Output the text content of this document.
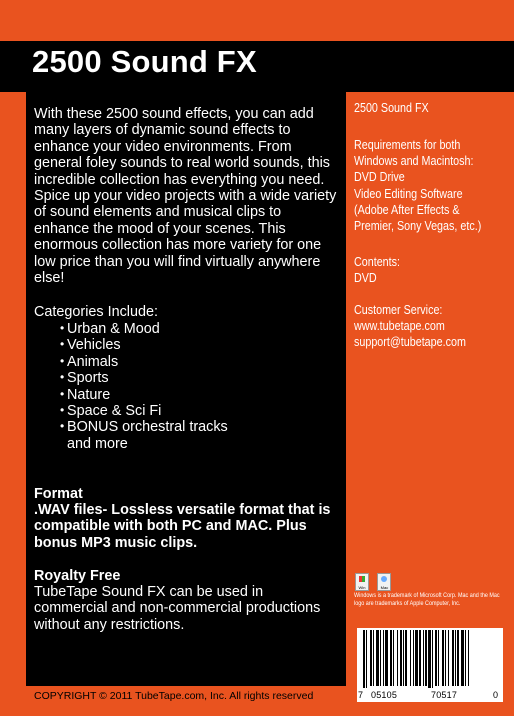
2500 Sound FX
With these 2500 sound effects, you can add many layers of dynamic sound effects to enhance your video environments. From general foley sounds to real world sounds, this incredible collection has everything you need. Spice up your video projects with a wide variety of sound elements and musical clips to enhance the mood of your scenes. This enormous collection has more variety for one low price than you will find virtually anywhere else!
Categories Include:
• Urban & Mood
• Vehicles
• Animals
• Sports
• Nature
• Space & Sci Fi
• BONUS orchestral tracks and more
Format
.WAV files- Lossless versatile format that is compatible with both PC and MAC. Plus bonus MP3 music clips.
Royalty Free
TubeTape Sound FX can be used in commercial and non-commercial productions without any restrictions.
COPYRIGHT © 2011 TubeTape.com, Inc. All rights reserved
2500 Sound FX
Requirements for both
Windows and Macintosh:
DVD Drive
Video Editing Software
(Adobe After Effects &
Premier, Sony Vegas, etc.)
Contents:
DVD
Customer Service:
www.tubetape.com
support@tubetape.com
Win
	Mac
Windows is a trademark of Microsoft Corp. Mac and the Mac logo are trademarks of Apple Computer, Inc.
7 05105	70517	0
